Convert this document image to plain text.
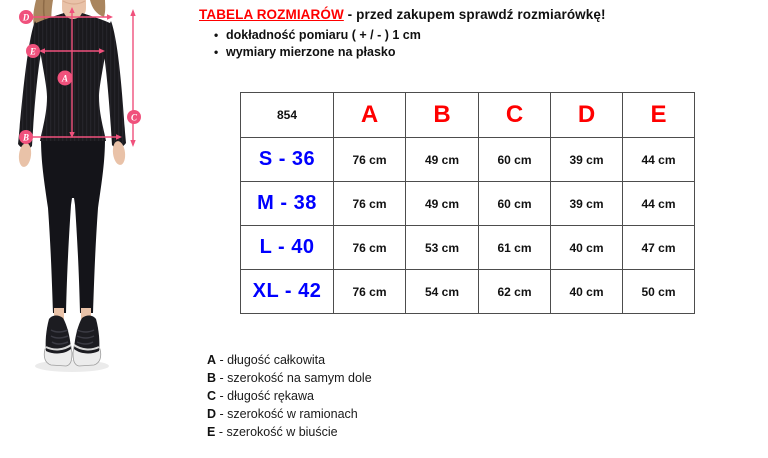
D
E
A
B
C
TABELA ROZMIARÓW - przed zakupem sprawdź rozmiarówkę!
• dokładność pomiaru ( + / - ) 1 cm
• wymiary mierzone na płasko
854	A	B	C	D	E
S - 36	76 cm	49 cm	60 cm	39 cm	44 cm
M - 38	76 cm	49 cm	60 cm	39 cm	44 cm
L - 40	76 cm	53 cm	61 cm	40 cm	47 cm
XL - 42	76 cm	54 cm	62 cm	40 cm	50 cm
A - długość całkowita
B - szerokość na samym dole
C - długość rękawa
D - szerokość w ramionach
E - szerokość w biuście
